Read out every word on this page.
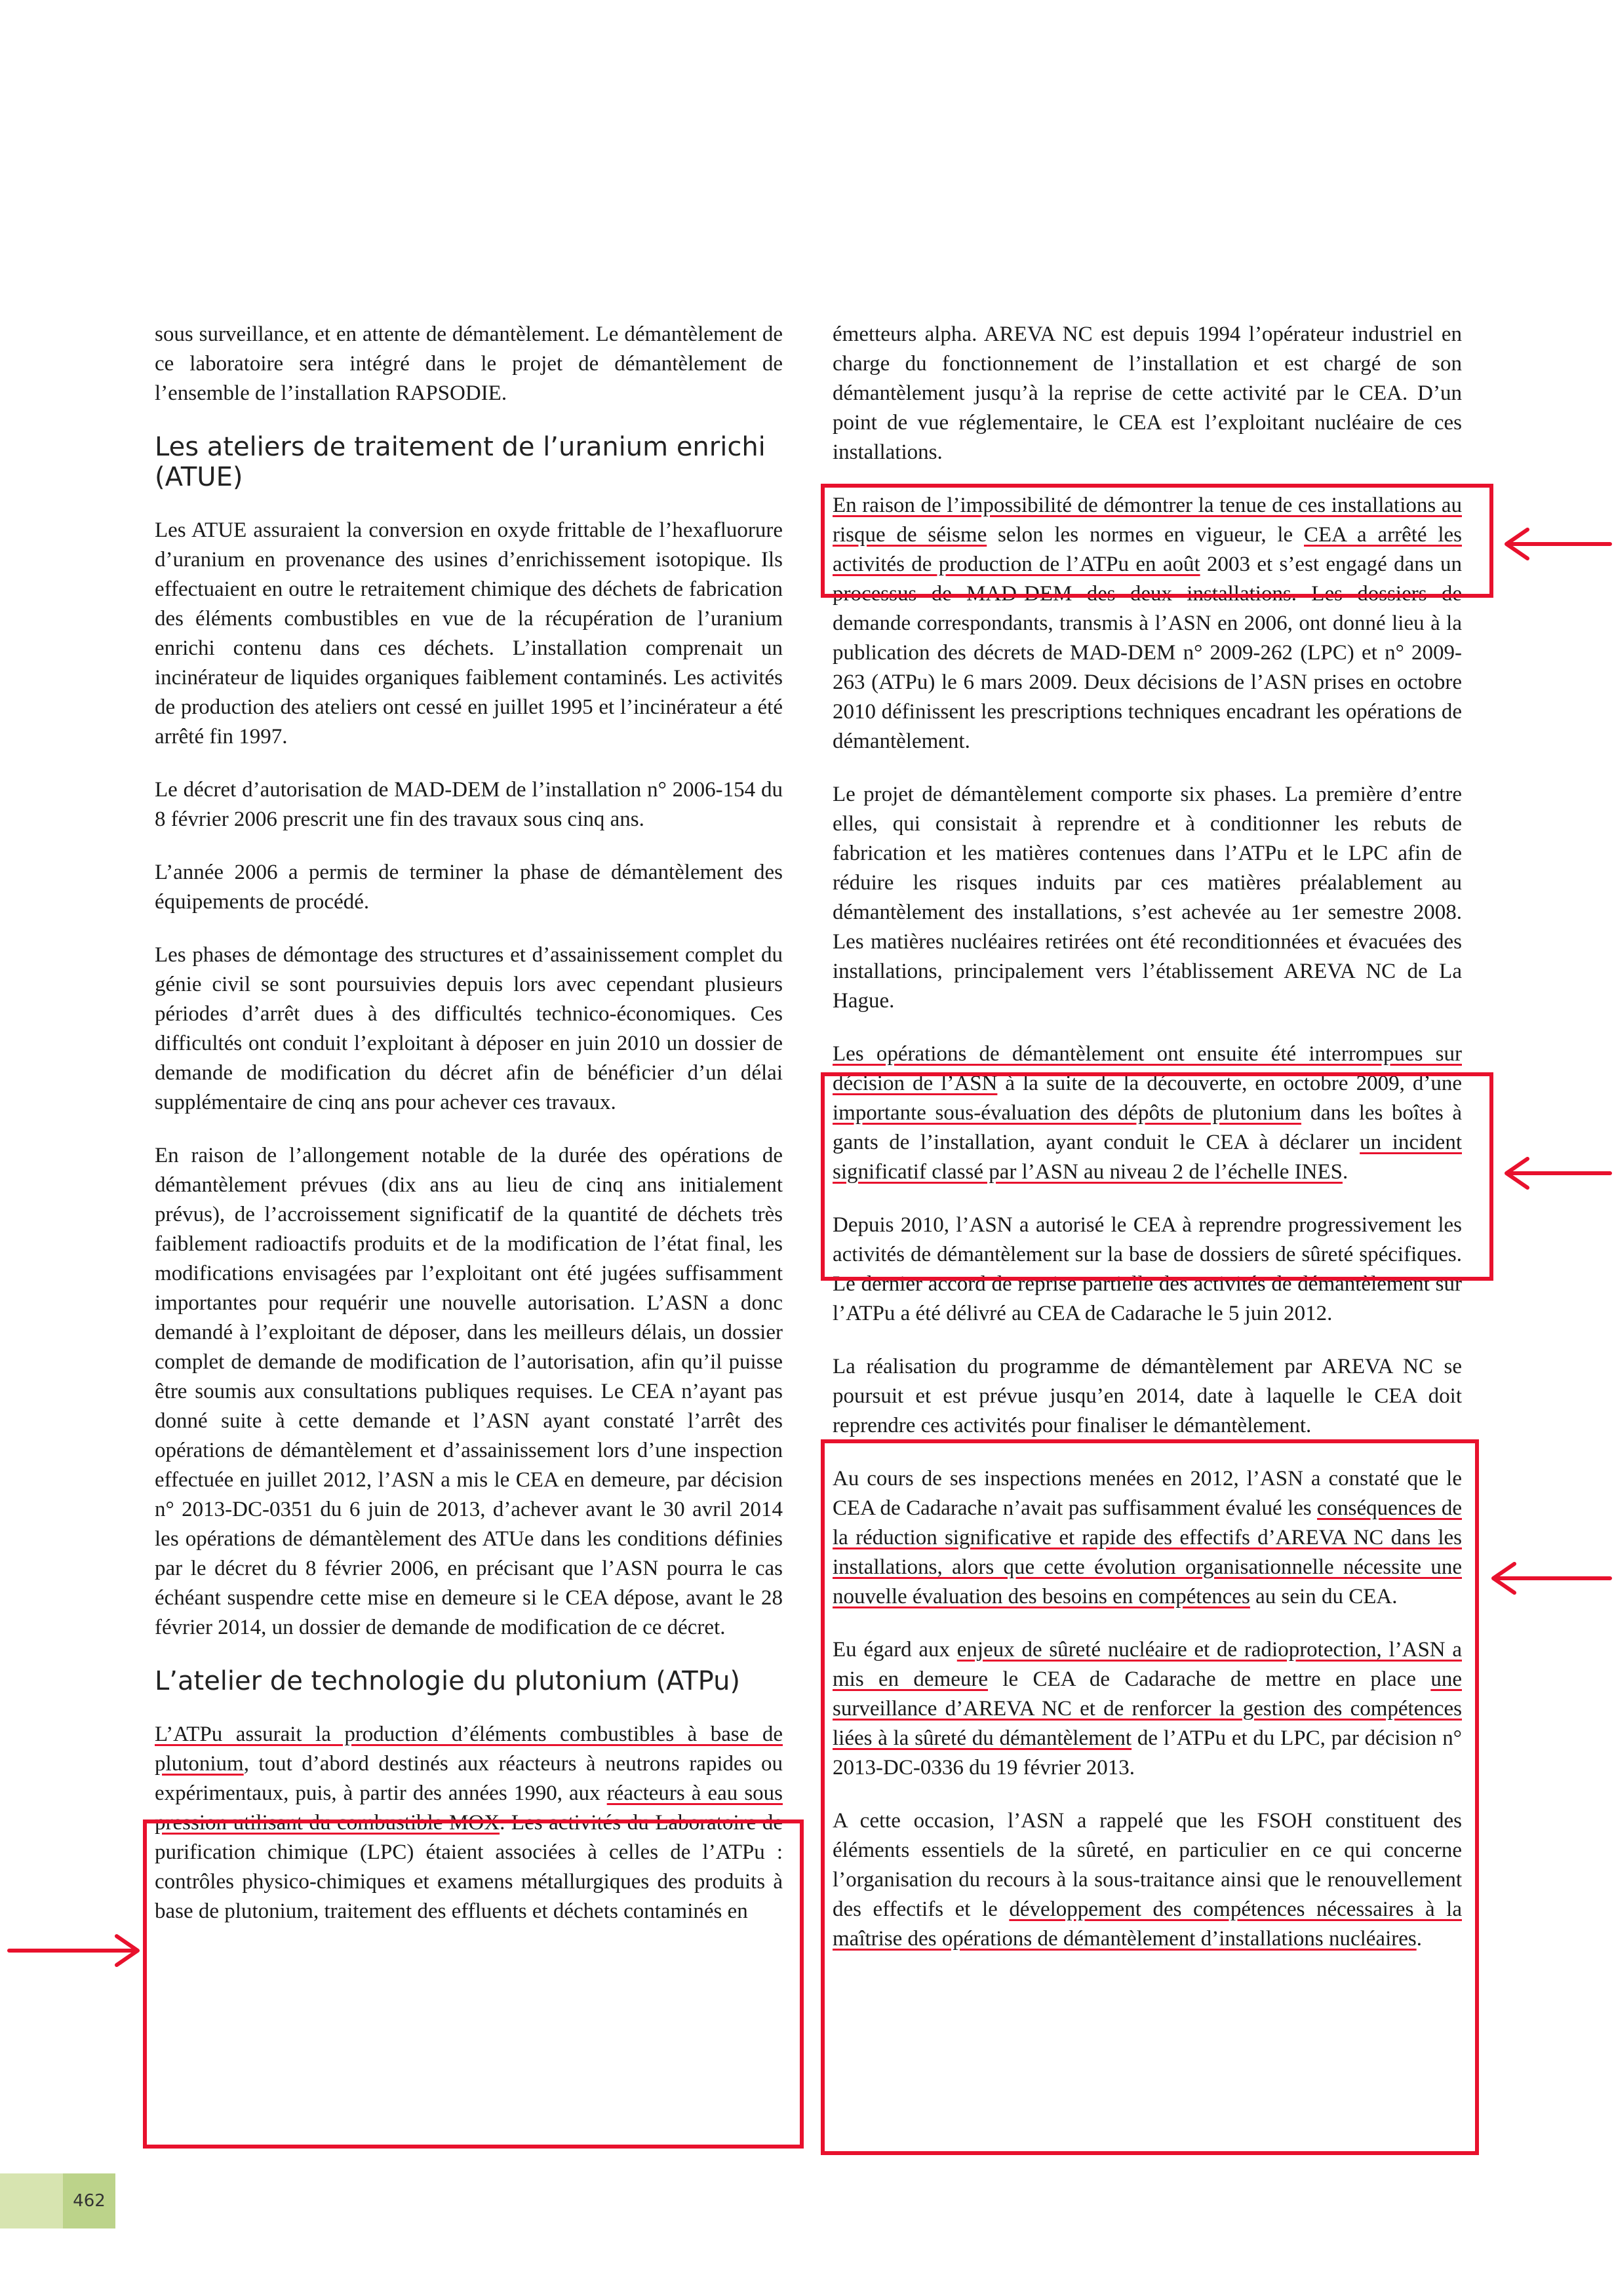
sous surveillance, et en attente de démantèlement. Le démantèlement de ce laboratoire sera intégré dans le projet de démantèlement de l’ensemble de l’installation RAPSODIE.

Les ateliers de traitement de l’uranium enrichi (ATUE)

Les ATUE assuraient la conversion en oxyde frittable de l’hexafluorure d’uranium en provenance des usines d’enrichissement isotopique. Ils effectuaient en outre le retraitement chimique des déchets de fabrication des éléments combustibles en vue de la récupération de l’uranium enrichi contenu dans ces déchets. L’installation comprenait un incinérateur de liquides organiques faiblement contaminés. Les activités de production des ateliers ont cessé en juillet 1995 et l’incinérateur a été arrêté fin 1997.

Le décret d’autorisation de MAD-DEM de l’installation n° 2006-154 du 8 février 2006 prescrit une fin des travaux sous cinq ans.

L’année 2006 a permis de terminer la phase de démantèlement des équipements de procédé.

Les phases de démontage des structures et d’assainissement complet du génie civil se sont poursuivies depuis lors avec cependant plusieurs périodes d’arrêt dues à des difficultés technico-économiques. Ces difficultés ont conduit l’exploitant à déposer en juin 2010 un dossier de demande de modification du décret afin de bénéficier d’un délai supplémentaire de cinq ans pour achever ces travaux.

En raison de l’allongement notable de la durée des opérations de démantèlement prévues (dix ans au lieu de cinq ans initialement prévus), de l’accroissement significatif de la quantité de déchets très faiblement radioactifs produits et de la modification de l’état final, les modifications envisagées par l’exploitant ont été jugées suffisamment importantes pour requérir une nouvelle autorisation. L’ASN a donc demandé à l’exploitant de déposer, dans les meilleurs délais, un dossier complet de demande de modification de l’autorisation, afin qu’il puisse être soumis aux consultations publiques requises. Le CEA n’ayant pas donné suite à cette demande et l’ASN ayant constaté l’arrêt des opérations de démantèlement et d’assainissement lors d’une inspection effectuée en juillet 2012, l’ASN a mis le CEA en demeure, par décision n° 2013-DC-0351 du 6 juin de 2013, d’achever avant le 30 avril 2014 les opérations de démantèlement des ATUe dans les conditions définies par le décret du 8 février 2006, en précisant que l’ASN pourra le cas échéant suspendre cette mise en demeure si le CEA dépose, avant le 28 février 2014, un dossier de demande de modification de ce décret.

L’atelier de technologie du plutonium (ATPu)

L’ATPu assurait la production d’éléments combustibles à base de plutonium, tout d’abord destinés aux réacteurs à neutrons rapides ou expérimentaux, puis, à partir des années 1990, aux réacteurs à eau sous pression utilisant du combustible MOX. Les activités du Laboratoire de purification chimique (LPC) étaient associées à celles de l’ATPu : contrôles physico-chimiques et examens métallurgiques des produits à base de plutonium, traitement des effluents et déchets contaminés en

émetteurs alpha. AREVA NC est depuis 1994 l’opérateur industriel en charge du fonctionnement de l’installation et est chargé de son démantèlement jusqu’à la reprise de cette activité par le CEA. D’un point de vue réglementaire, le CEA est l’exploitant nucléaire de ces installations.

En raison de l’impossibilité de démontrer la tenue de ces installations au risque de séisme selon les normes en vigueur, le CEA a arrêté les activités de production de l’ATPu en août 2003 et s’est engagé dans un processus de MAD-DEM des deux installations. Les dossiers de demande correspondants, transmis à l’ASN en 2006, ont donné lieu à la publication des décrets de MAD-DEM n° 2009-262 (LPC) et n° 2009-263 (ATPu) le 6 mars 2009. Deux décisions de l’ASN prises en octobre 2010 définissent les prescriptions techniques encadrant les opérations de démantèlement.

Le projet de démantèlement comporte six phases. La première d’entre elles, qui consistait à reprendre et à conditionner les rebuts de fabrication et les matières contenues dans l’ATPu et le LPC afin de réduire les risques induits par ces matières préalablement au démantèlement des installations, s’est achevée au 1er semestre 2008. Les matières nucléaires retirées ont été reconditionnées et évacuées des installations, principalement vers l’établissement AREVA NC de La Hague.

Les opérations de démantèlement ont ensuite été interrompues sur décision de l’ASN à la suite de la découverte, en octobre 2009, d’une importante sous-évaluation des dépôts de plutonium dans les boîtes à gants de l’installation, ayant conduit le CEA à déclarer un incident significatif classé par l’ASN au niveau 2 de l’échelle INES.

Depuis 2010, l’ASN a autorisé le CEA à reprendre progressivement les activités de démantèlement sur la base de dossiers de sûreté spécifiques. Le dernier accord de reprise partielle des activités de démantèlement sur l’ATPu a été délivré au CEA de Cadarache le 5 juin 2012.

La réalisation du programme de démantèlement par AREVA NC se poursuit et est prévue jusqu’en 2014, date à laquelle le CEA doit reprendre ces activités pour finaliser le démantèlement.

Au cours de ses inspections menées en 2012, l’ASN a constaté que le CEA de Cadarache n’avait pas suffisamment évalué les conséquences de la réduction significative et rapide des effectifs d’AREVA NC dans les installations, alors que cette évolution organisationnelle nécessite une nouvelle évaluation des besoins en compétences au sein du CEA.

Eu égard aux enjeux de sûreté nucléaire et de radioprotection, l’ASN a mis en demeure le CEA de Cadarache de mettre en place une surveillance d’AREVA NC et de renforcer la gestion des compétences liées à la sûreté du démantèlement de l’ATPu et du LPC, par décision n° 2013-DC-0336 du 19 février 2013.

A cette occasion, l’ASN a rappelé que les FSOH constituent des éléments essentiels de la sûreté, en particulier en ce qui concerne l’organisation du recours à la sous-traitance ainsi que le renouvellement des effectifs et le développement des compétences nécessaires à la maîtrise des opérations de démantèlement d’installations nucléaires.

462
